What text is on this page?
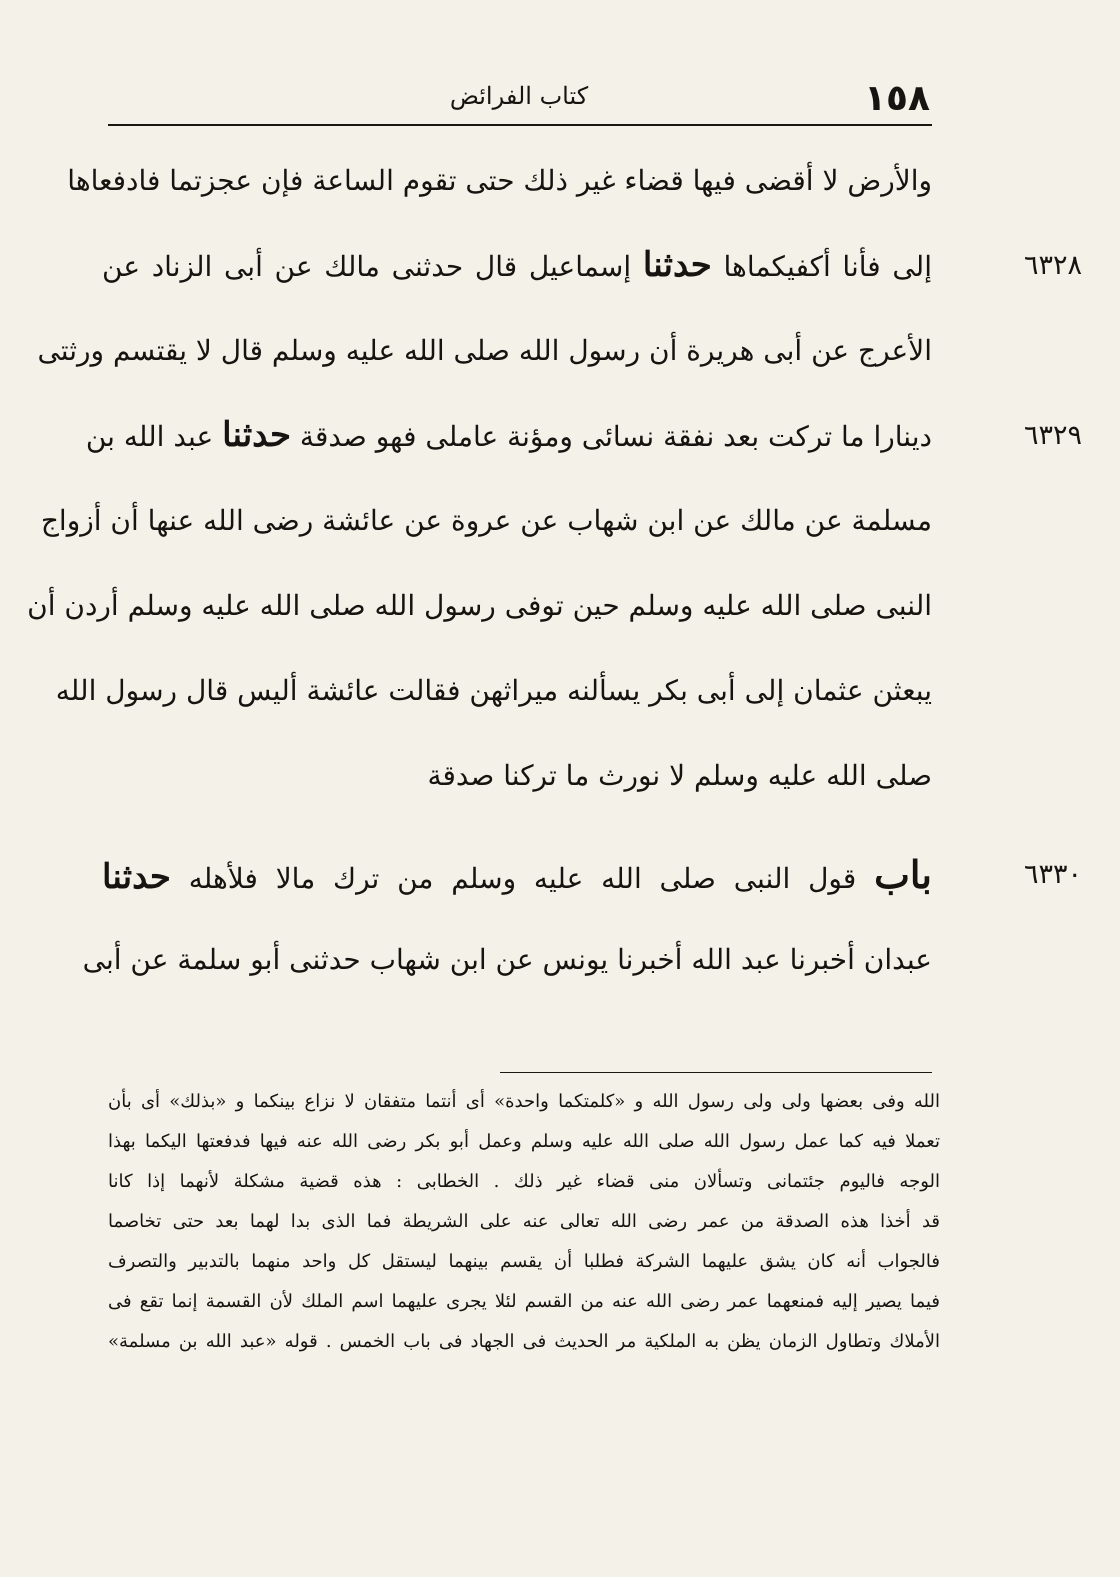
١٥٨
كتاب الفرائض
والأرض لا أقضى فيها قضاء غير ذلك حتى تقوم الساعة فإن عجزتما فادفعاها
إلى فأنا أكفيكماها حدثنا إسماعيل قال حدثنى مالك عن أبى الزناد عن	٦٣٢٨
الأعرج عن أبى هريرة أن رسول الله صلى الله عليه وسلم قال لا يقتسم ورثتى
دينارا ما تركت بعد نفقة نسائى ومؤنة عاملى فهو صدقة حدثنا عبد الله بن	٦٣٢٩
مسلمة عن مالك عن ابن شهاب عن عروة عن عائشة رضى الله عنها أن أزواج
النبى صلى الله عليه وسلم حين توفى رسول الله صلى الله عليه وسلم أردن أن
يبعثن عثمان إلى أبى بكر يسألنه ميراثهن فقالت عائشة أليس قال رسول الله
صلى الله عليه وسلم لا نورث ما تركنا صدقة
باب قول النبى صلى الله عليه وسلم من ترك مالا فلأهله حدثنا	٦٣٣٠
عبدان أخبرنا عبد الله أخبرنا يونس عن ابن شهاب حدثنى أبو سلمة عن أبى
الله وفى بعضها ولى ولى رسول الله و «كلمتكما واحدة» أى أنتما متفقان لا نزاع بينكما و «بذلك» أى بأن
تعملا فيه كما عمل رسول الله صلى الله عليه وسلم وعمل أبو بكر رضى الله عنه فيها فدفعتها اليكما بهذا
الوجه فاليوم جئتمانى وتسألان منى قضاء غير ذلك . الخطابى : هذه قضية مشكلة لأنهما إذا كانا
قد أخذا هذه الصدقة من عمر رضى الله تعالى عنه على الشريطة فما الذى بدا لهما بعد حتى تخاصما
فالجواب أنه كان يشق عليهما الشركة فطلبا أن يقسم بينهما ليستقل كل واحد منهما بالتدبير والتصرف
فيما يصير إليه فمنعهما عمر رضى الله عنه من القسم لئلا يجرى عليهما اسم الملك لأن القسمة إنما تقع فى
الأملاك وتطاول الزمان يظن به الملكية مر الحديث فى الجهاد فى باب الخمس . قوله «عبد الله بن مسلمة»
